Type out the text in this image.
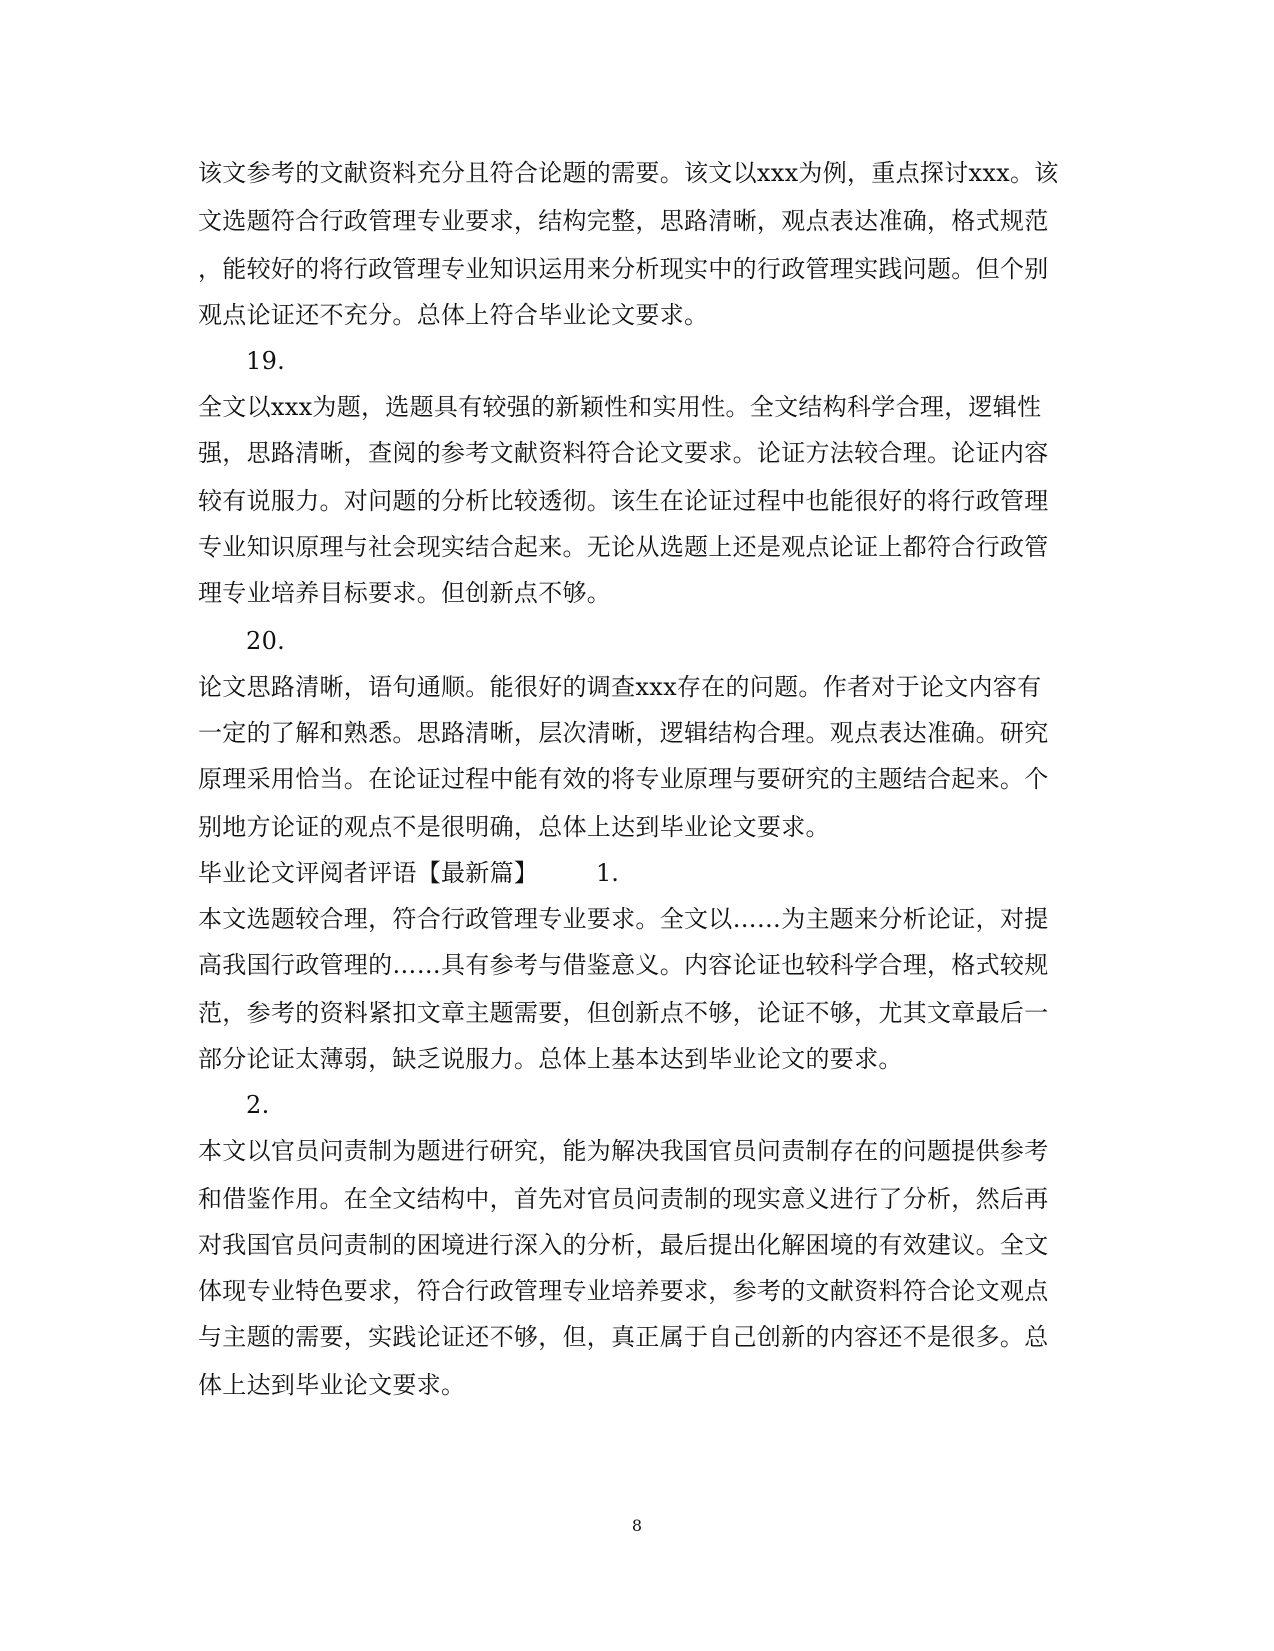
该文参考的文献资料充分且符合论题的需要。该文以xxx为例，重点探讨xxx。该
文选题符合行政管理专业要求，结构完整，思路清晰，观点表达准确，格式规范
，能较好的将行政管理专业知识运用来分析现实中的行政管理实践问题。但个别
观点论证还不充分。总体上符合毕业论文要求。
19.
全文以xxx为题，选题具有较强的新颖性和实用性。全文结构科学合理，逻辑性
强，思路清晰，查阅的参考文献资料符合论文要求。论证方法较合理。论证内容
较有说服力。对问题的分析比较透彻。该生在论证过程中也能很好的将行政管理
专业知识原理与社会现实结合起来。无论从选题上还是观点论证上都符合行政管
理专业培养目标要求。但创新点不够。
20.
论文思路清晰，语句通顺。能很好的调查xxx存在的问题。作者对于论文内容有
一定的了解和熟悉。思路清晰，层次清晰，逻辑结构合理。观点表达准确。研究
原理采用恰当。在论证过程中能有效的将专业原理与要研究的主题结合起来。个
别地方论证的观点不是很明确，总体上达到毕业论文要求。
毕业论文评阅者评语【最新篇】	1.
本文选题较合理，符合行政管理专业要求。全文以……为主题来分析论证，对提
高我国行政管理的……具有参考与借鉴意义。内容论证也较科学合理，格式较规
范，参考的资料紧扣文章主题需要，但创新点不够，论证不够，尤其文章最后一
部分论证太薄弱，缺乏说服力。总体上基本达到毕业论文的要求。
2.
本文以官员问责制为题进行研究，能为解决我国官员问责制存在的问题提供参考
和借鉴作用。在全文结构中，首先对官员问责制的现实意义进行了分析，然后再
对我国官员问责制的困境进行深入的分析，最后提出化解困境的有效建议。全文
体现专业特色要求，符合行政管理专业培养要求，参考的文献资料符合论文观点
与主题的需要，实践论证还不够，但，真正属于自己创新的内容还不是很多。总
体上达到毕业论文要求。
8
